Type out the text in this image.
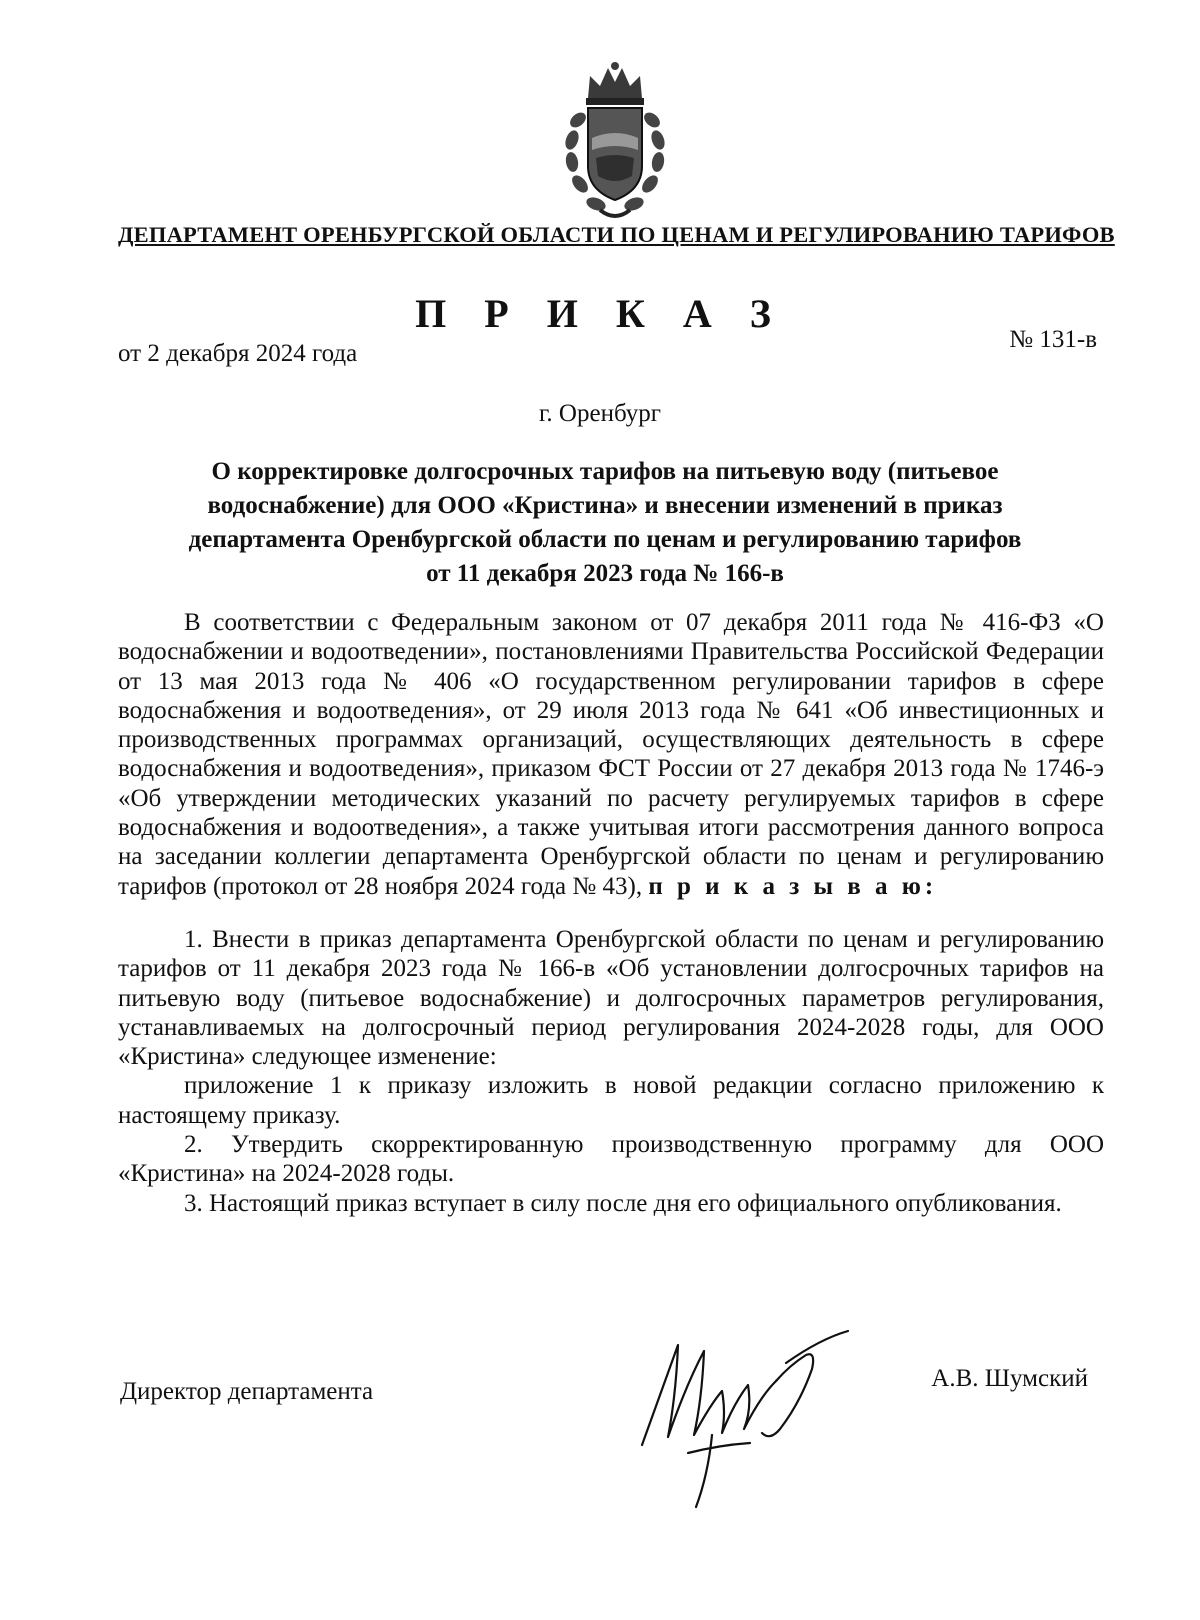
ДЕПАРТАМЕНТ ОРЕНБУРГСКОЙ ОБЛАСТИ ПО ЦЕНАМ И РЕГУЛИРОВАНИЮ ТАРИФОВ
П Р И К А З
от 2 декабря 2024 года
№ 131-в
г. Оренбург
О корректировке долгосрочных тарифов на питьевую воду (питьевое
водоснабжение) для ООО «Кристина» и внесении изменений в приказ
департамента Оренбургской области по ценам и регулированию тарифов
от 11 декабря 2023 года № 166-в

В соответствии с Федеральным законом от 07 декабря 2011 года № 416-ФЗ «О водоснабжении и водоотведении», постановлениями Правительства Российской Федерации от 13 мая 2013 года № 406 «О государственном регулировании тарифов в сфере водоснабжения и водоотведения», от 29 июля 2013 года № 641 «Об инвестиционных и производственных программах организаций, осуществляющих деятельность в сфере водоснабжения и водоотведения», приказом ФСТ России от 27 декабря 2013 года № 1746-э «Об утверждении методических указаний по расчету регулируемых тарифов в сфере водоснабжения и водоотведения», а также учитывая итоги рассмотрения данного вопроса на заседании коллегии департамента Оренбургской области по ценам и регулированию тарифов (протокол от 28 ноября 2024 года № 43), п р и к а з ы в а ю:

1. Внести в приказ департамента Оренбургской области по ценам и регулированию тарифов от 11 декабря 2023 года № 166-в «Об установлении долгосрочных тарифов на питьевую воду (питьевое водоснабжение) и долгосрочных параметров регулирования, устанавливаемых на долгосрочный период регулирования 2024-2028 годы, для ООО «Кристина» следующее изменение:

приложение 1 к приказу изложить в новой редакции согласно приложению к настоящему приказу.

2. Утвердить скорректированную производственную программу для ООО «Кристина» на 2024-2028 годы.

3. Настоящий приказ вступает в силу после дня его официального опубликования.

Директор департамента	А.В. Шумский
